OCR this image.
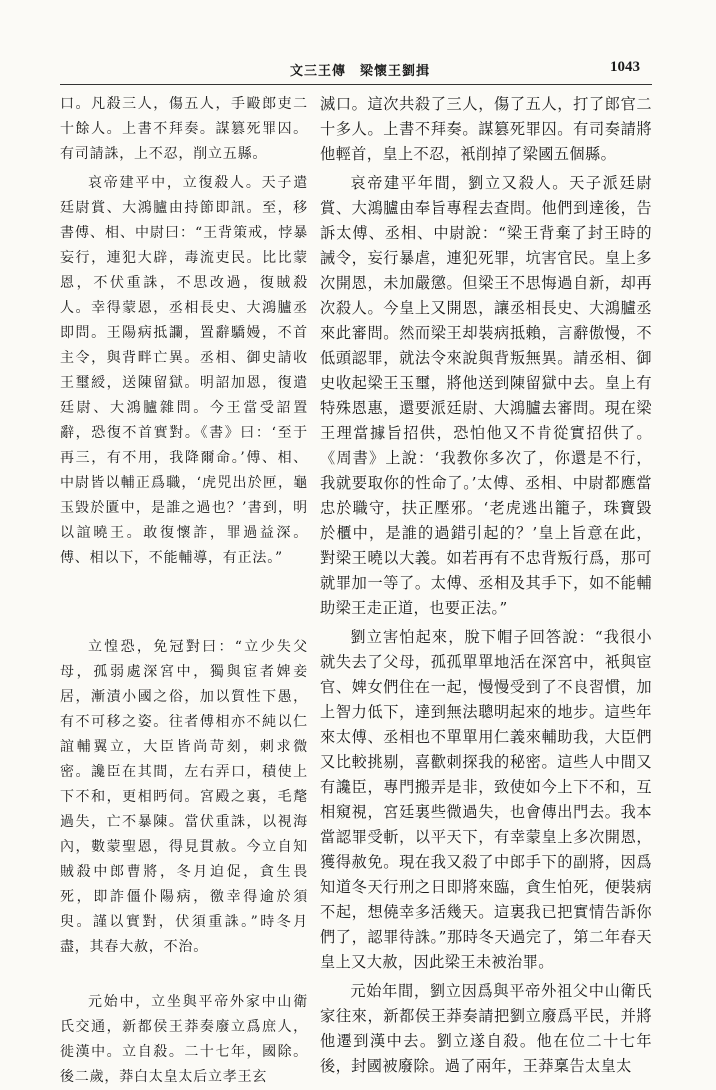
文三王傳　梁懷王劉揖	1043

口。凡殺三人，傷五人，手毆郎吏二十餘人。上書不拜奏。謀篡死罪囚。有司請誅，上不忍，削立五縣。

哀帝建平中，立復殺人。天子遣廷尉賞、大鴻臚由持節即訊。至，移書傅、相、中尉曰：“王背策戒，悖暴妄行，連犯大辟，毒流吏民。比比蒙恩，不伏重誅，不思改過，復賊殺人。幸得蒙恩，丞相長史、大鴻臚丞即問。王陽病抵讕，置辭驕嫚，不首主令，與背畔亡異。丞相、御史請收王璽綬，送陳留獄。明詔加恩，復遣廷尉、大鴻臚雜問。今王當受詔置辭，恐復不首實對。《書》曰：‘至于再三，有不用，我降爾命。’傅、相、中尉皆以輔正爲職，‘虎兕出於匣，龜玉毀於匱中，是誰之過也？’書到，明以誼曉王。敢復懷詐，罪過益深。傅、相以下，不能輔導，有正法。”

立惶恐，免冠對曰：“立少失父母，孤弱處深宮中，獨與宦者婢妾居，漸漬小國之俗，加以質性下愚，有不可移之姿。往者傅相亦不純以仁誼輔翼立，大臣皆尚苛刻，刺求微密。讒臣在其間，左右弄口，積使上下不和，更相眄伺。宮殿之裏，毛氂過失，亡不暴陳。當伏重誅，以視海內，數蒙聖恩，得見貫赦。今立自知賊殺中郎曹將，冬月迫促，貪生畏死，即詐僵仆陽病，徼幸得逾於須臾。謹以實對，伏須重誅。”時冬月盡，其春大赦，不治。

元始中，立坐與平帝外家中山衛氏交通，新都侯王莽奏廢立爲庶人，徙漢中。立自殺。二十七年，國除。後二歲，莽白太皇太后立孝王玄

滅口。這次共殺了三人，傷了五人，打了郎官二十多人。上書不拜奏。謀篡死罪囚。有司奏請將他輕首，皇上不忍，衹削掉了梁國五個縣。

哀帝建平年間，劉立又殺人。天子派廷尉賞、大鴻臚由奉旨專程去查問。他們到達後，告訴太傅、丞相、中尉說：“梁王背棄了封王時的誡令，妄行暴虐，連犯死罪，坑害官民。皇上多次開恩，未加嚴懲。但梁王不思悔過自新，却再次殺人。今皇上又開恩，讓丞相長史、大鴻臚丞來此審問。然而梁王却裝病抵賴，言辭傲慢，不低頭認罪，就法令來說與背叛無異。請丞相、御史收起梁王玉璽，將他送到陳留獄中去。皇上有特殊恩惠，還要派廷尉、大鴻臚去審問。現在梁王理當據旨招供，恐怕他又不肯從實招供了。《周書》上說：‘我教你多次了，你還是不行，我就要取你的性命了。’太傅、丞相、中尉都應當忠於職守，扶正壓邪。‘老虎逃出籠子，珠寶毀於櫃中，是誰的過錯引起的？’皇上旨意在此，對梁王曉以大義。如若再有不忠背叛行爲，那可就罪加一等了。太傅、丞相及其手下，如不能輔助梁王走正道，也要正法。”

劉立害怕起來，脫下帽子回答說：“我很小就失去了父母，孤孤單單地活在深宮中，衹與宦官、婢女們住在一起，慢慢受到了不良習慣，加上智力低下，達到無法聰明起來的地步。這些年來太傅、丞相也不單單用仁義來輔助我，大臣們又比較挑剔，喜歡刺探我的秘密。這些人中間又有讒臣，專門搬弄是非，致使如今上下不和，互相窺視，宮廷裏些微過失，也會傳出門去。我本當認罪受斬，以平天下，有幸蒙皇上多次開恩，獲得赦免。現在我又殺了中郎手下的副將，因爲知道冬天行刑之日即將來臨，貪生怕死，便裝病不起，想僥幸多活幾天。這裏我已把實情告訴你們了，認罪待誅。”那時冬天過完了，第二年春天皇上又大赦，因此梁王未被治罪。

元始年間，劉立因爲與平帝外祖父中山衛氏家往來，新都侯王莽奏請把劉立廢爲平民，并將他遷到漢中去。劉立遂自殺。他在位二十七年後，封國被廢除。過了兩年，王莽稟告太皇太
